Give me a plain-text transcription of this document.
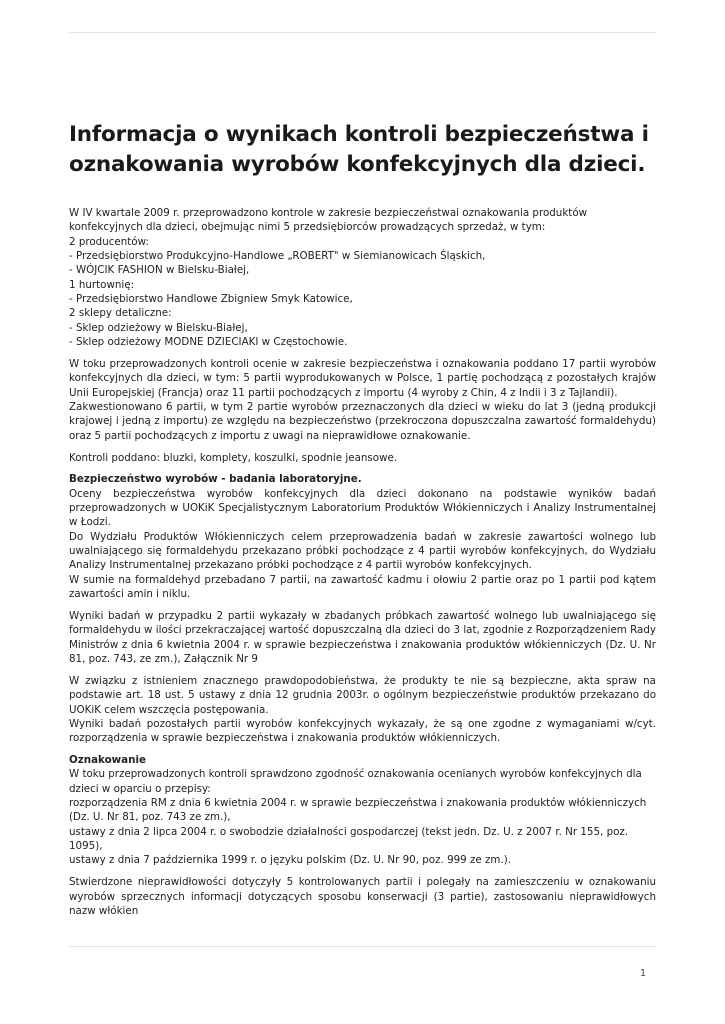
Informacja o wynikach kontroli bezpieczeństwa i oznakowania wyrobów konfekcyjnych dla dzieci.

W IV kwartale 2009 r. przeprowadzono kontrole w zakresie bezpieczeństwai oznakowania produktów konfekcyjnych dla dzieci, obejmując nimi 5 przedsiębiorców prowadzących sprzedaż, w tym:
2 producentów:
- Przedsiębiorstwo Produkcyjno-Handlowe „ROBERT" w Siemianowicach Śląskich,
- WÓJCIK FASHION w Bielsku-Białej,
1 hurtownię:
- Przedsiębiorstwo Handlowe Zbigniew Smyk Katowice,
2 sklepy detaliczne:
- Sklep odzieżowy w Bielsku-Białej,
- Sklep odzieżowy MODNE DZIECIAKI w Częstochowie.

W toku przeprowadzonych kontroli ocenie w zakresie bezpieczeństwa i oznakowania poddano 17 partii wyrobów konfekcyjnych dla dzieci, w tym: 5 partii wyprodukowanych w Polsce, 1 partię pochodzącą z pozostałych krajów Unii Europejskiej (Francja) oraz 11 partii pochodzących z importu (4 wyroby z Chin, 4 z Indii i 3 z Tajlandii).
Zakwestionowano 6 partii, w tym 2 partie wyrobów przeznaczonych dla dzieci w wieku do lat 3 (jedną produkcji krajowej i jedną z importu) ze względu na bezpieczeństwo (przekroczona dopuszczalna zawartość formaldehydu) oraz 5 partii pochodzących z importu z uwagi na nieprawidłowe oznakowanie.

Kontroli poddano: bluzki, komplety, koszulki, spodnie jeansowe.

Bezpieczeństwo wyrobów - badania laboratoryjne.
Oceny bezpieczeństwa wyrobów konfekcyjnych dla dzieci dokonano na podstawie wyników badań przeprowadzonych w UOKiK Specjalistycznym Laboratorium Produktów Włókienniczych i Analizy Instrumentalnej w Łodzi.
Do Wydziału Produktów Włókienniczych celem przeprowadzenia badań w zakresie zawartości wolnego lub uwalniającego się formaldehydu przekazano próbki pochodzące z 4 partii wyrobów konfekcyjnych, do Wydziału Analizy Instrumentalnej przekazano próbki pochodzące z 4 partii wyrobów konfekcyjnych.
W sumie na formaldehyd przebadano 7 partii, na zawartość kadmu i ołowiu 2 partie oraz po 1 partii pod kątem zawartości amin i niklu.

Wyniki badań w przypadku 2 partii wykazały w zbadanych próbkach zawartość wolnego lub uwalniającego się formaldehydu w ilości przekraczającej wartość dopuszczalną dla dzieci do 3 lat, zgodnie z Rozporządzeniem Rady Ministrów z dnia 6 kwietnia 2004 r. w sprawie bezpieczeństwa i znakowania produktów włókienniczych (Dz. U. Nr 81, poz. 743, ze zm.), Załącznik Nr 9

W związku z istnieniem znacznego prawdopodobieństwa, że produkty te nie są bezpieczne, akta spraw na podstawie art. 18 ust. 5 ustawy z dnia 12 grudnia 2003r. o ogólnym bezpieczeństwie produktów przekazano do UOKiK celem wszczęcia postępowania.
Wyniki badań pozostałych partii wyrobów konfekcyjnych wykazały, że są one zgodne z wymaganiami w/cyt. rozporządzenia w sprawie bezpieczeństwa i znakowania produktów włókienniczych.

Oznakowanie
W toku przeprowadzonych kontroli sprawdzono zgodność oznakowania ocenianych wyrobów konfekcyjnych dla dzieci w oparciu o przepisy:
rozporządzenia RM z dnia 6 kwietnia 2004 r. w sprawie bezpieczeństwa i znakowania produktów włókienniczych (Dz. U. Nr 81, poz. 743 ze zm.),
ustawy z dnia 2 lipca 2004 r. o swobodzie działalności gospodarczej (tekst jedn. Dz. U. z 2007 r. Nr 155, poz. 1095),
ustawy z dnia 7 października 1999 r. o języku polskim (Dz. U. Nr 90, poz. 999 ze zm.).

Stwierdzone nieprawidłowości dotyczyły 5 kontrolowanych partii i polegały na zamieszczeniu w oznakowaniu wyrobów sprzecznych informacji dotyczących sposobu konserwacji (3 partie), zastosowaniu nieprawidłowych nazw włókien

1
